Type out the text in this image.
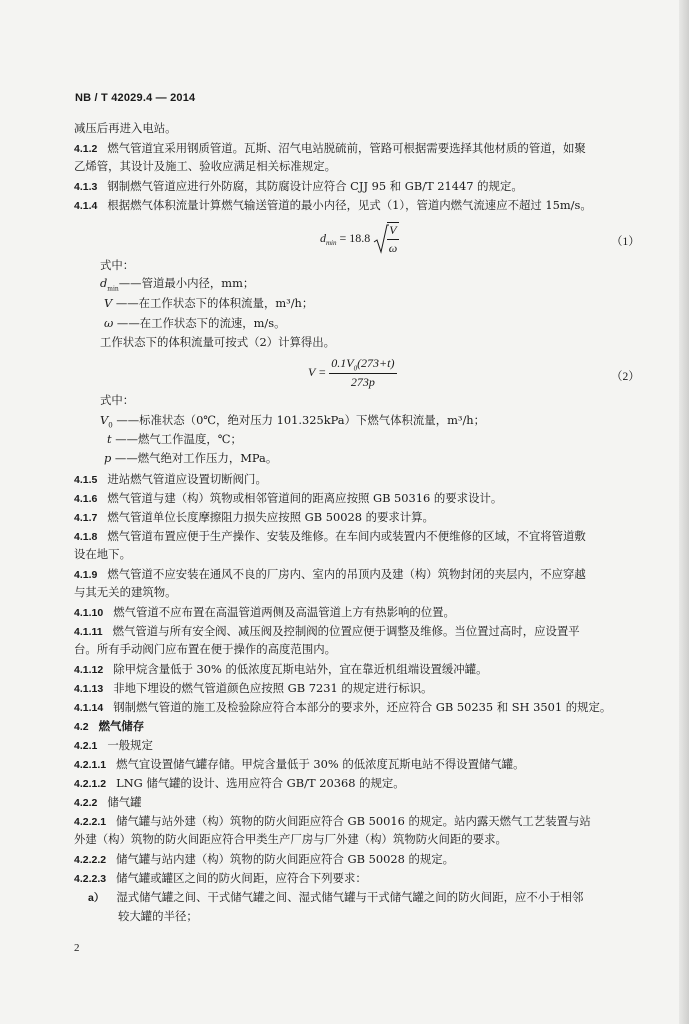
NB / T 42029.4 — 2014
减压后再进入电站。
4.1.2 燃气管道宜采用钢质管道。瓦斯、沼气电站脱硫前，管路可根据需要选择其他材质的管道，如聚
乙烯管，其设计及施工、验收应满足相关标准规定。
4.1.3 钢制燃气管道应进行外防腐，其防腐设计应符合 CJJ 95 和 GB/T 21447 的规定。
4.1.4 根据燃气体积流量计算燃气输送管道的最小内径，见式（1），管道内燃气流速应不超过 15m/s。
$d_{min} = 18.8 \frac{V}{\omega}$	（1）
式中：
$d_{min}——$管道最小内径，mm；
V ——在工作状态下的体积流量，m³/h；
ω ——在工作状态下的流速，m/s。
工作状态下的体积流量可按式（2）计算得出。
$V = \frac{0.1V_0(273+t)}{273p}$	（2）
式中：
$V_0$ ——标准状态（0℃，绝对压力 101.325kPa）下燃气体积流量，m³/h；
t ——燃气工作温度，℃；
p ——燃气绝对工作压力，MPa。
4.1.5 进站燃气管道应设置切断阀门。
4.1.6 燃气管道与建（构）筑物或相邻管道间的距离应按照 GB 50316 的要求设计。
4.1.7 燃气管道单位长度摩擦阻力损失应按照 GB 50028 的要求计算。
4.1.8 燃气管道布置应便于生产操作、安装及维修。在车间内或装置内不便维修的区域，不宜将管道敷
设在地下。
4.1.9 燃气管道不应安装在通风不良的厂房内、室内的吊顶内及建（构）筑物封闭的夹层内，不应穿越
与其无关的建筑物。
4.1.10 燃气管道不应布置在高温管道两侧及高温管道上方有热影响的位置。
4.1.11 燃气管道与所有安全阀、减压阀及控制阀的位置应便于调整及维修。当位置过高时，应设置平
台。所有手动阀门应布置在便于操作的高度范围内。
4.1.12 除甲烷含量低于 30% 的低浓度瓦斯电站外，宜在靠近机组端设置缓冲罐。
4.1.13 非地下埋设的燃气管道颜色应按照 GB 7231 的规定进行标识。
4.1.14 钢制燃气管道的施工及检验除应符合本部分的要求外，还应符合 GB 50235 和 SH 3501 的规定。
4.2 燃气储存
4.2.1 一般规定
4.2.1.1 燃气宜设置储气罐存储。甲烷含量低于 30% 的低浓度瓦斯电站不得设置储气罐。
4.2.1.2 LNG 储气罐的设计、选用应符合 GB/T 20368 的规定。
4.2.2 储气罐
4.2.2.1 储气罐与站外建（构）筑物的防火间距应符合 GB 50016 的规定。站内露天燃气工艺装置与站
外建（构）筑物的防火间距应符合甲类生产厂房与厂外建（构）筑物防火间距的要求。
4.2.2.2 储气罐与站内建（构）筑物的防火间距应符合 GB 50028 的规定。
4.2.2.3 储气罐或罐区之间的防火间距，应符合下列要求：
a） 湿式储气罐之间、干式储气罐之间、湿式储气罐与干式储气罐之间的防火间距，应不小于相邻
较大罐的半径；
2
